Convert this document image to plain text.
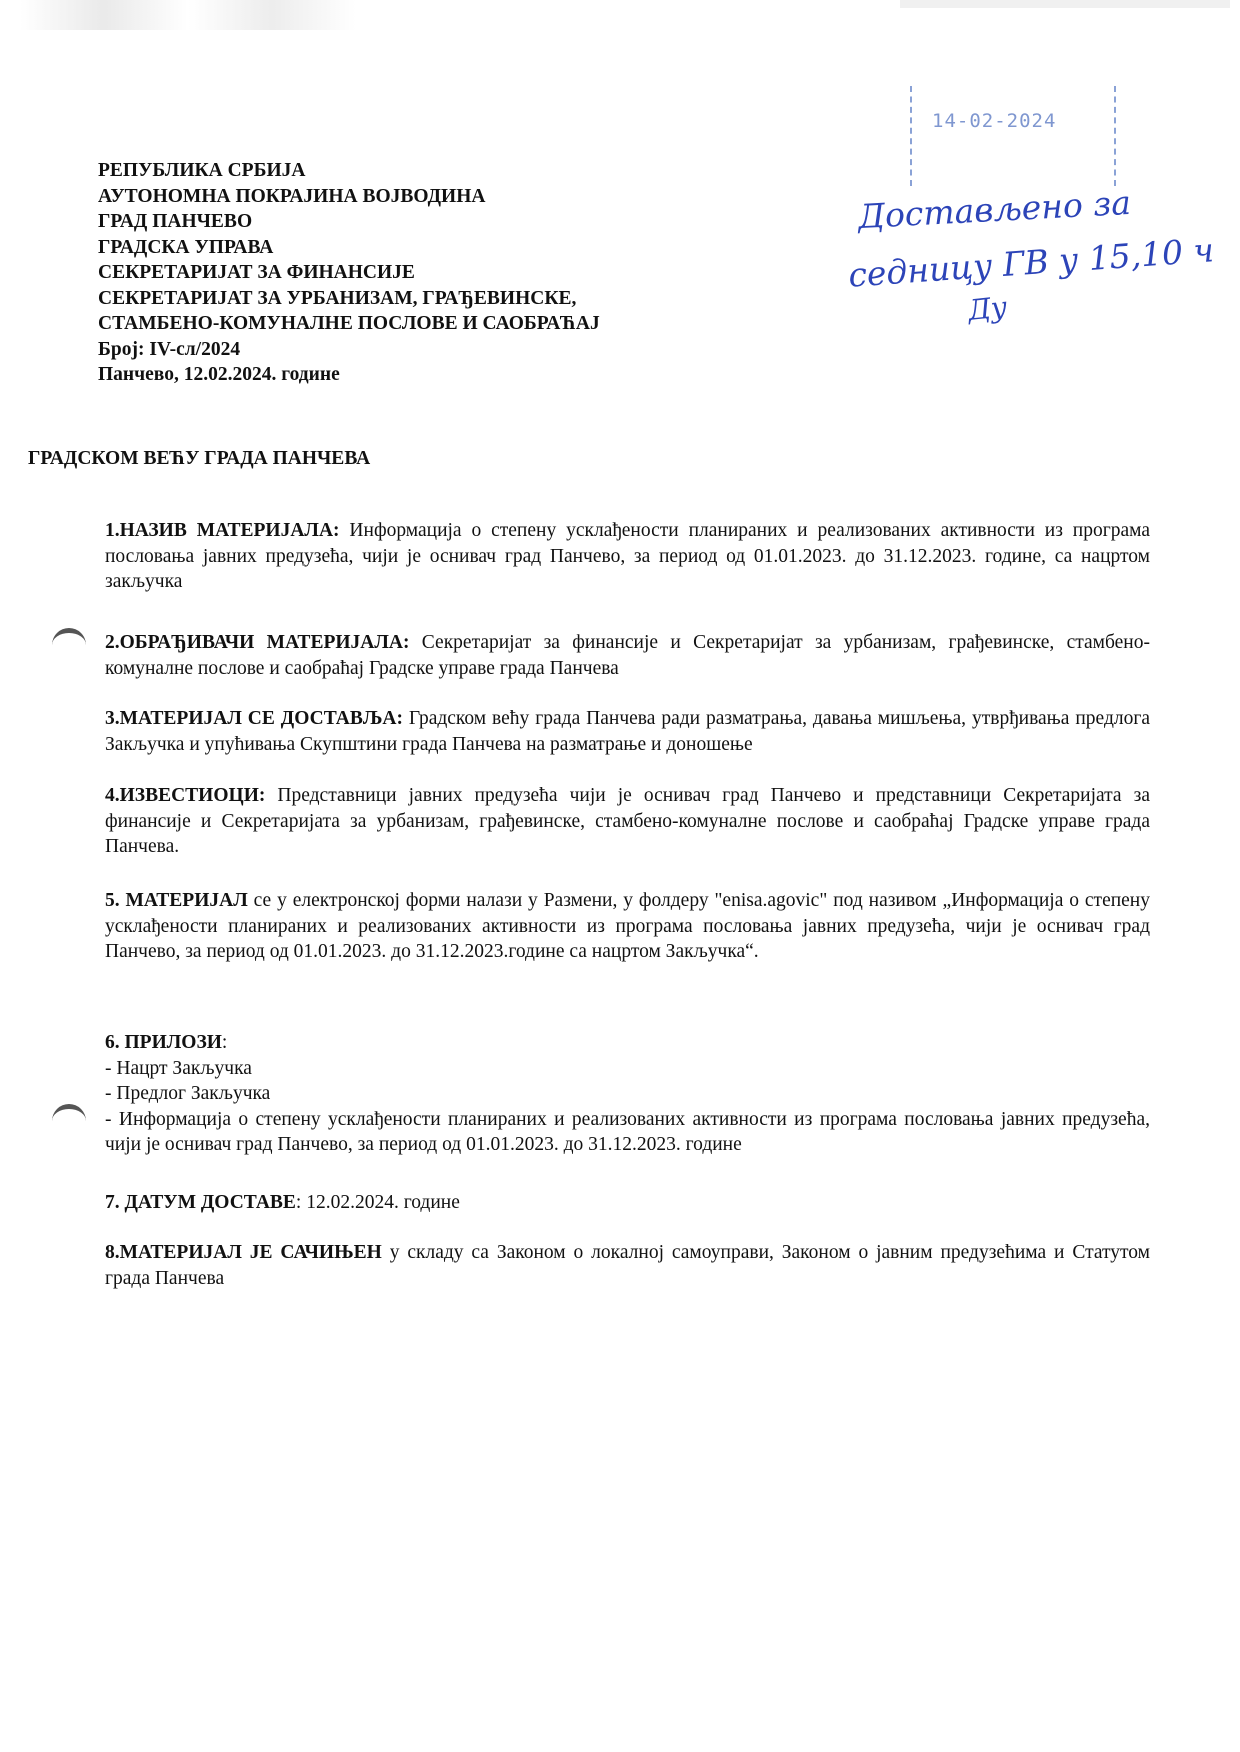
РЕПУБЛИКА СРБИЈА
АУТОНОМНА ПОКРАЈИНА ВОЈВОДИНА
ГРАД ПАНЧЕВО
ГРАДСКА УПРАВА
СЕКРЕТАРИЈАТ ЗА ФИНАНСИЈЕ
СЕКРЕТАРИЈАТ ЗА УРБАНИЗАМ, ГРАЂЕВИНСКЕ,
СТАМБЕНО-КОМУНАЛНЕ ПОСЛОВЕ И САОБРАЋАЈ
Број: IV-сл/2024
Панчево, 12.02.2024. године
14-02-2024
Достављено за
седницу ГВ у 15,10 ч
Ду
ГРАДСКОМ ВЕЋУ ГРАДА ПАНЧЕВА
1.НАЗИВ МАТЕРИЈАЛА: Информација о степену усклађености планираних и реализованих активности из програма пословања јавних предузећа, чији је оснивач град Панчево, за период од 01.01.2023. до 31.12.2023. године, са нацртом закључка
2.ОБРАЂИВАЧИ МАТЕРИЈАЛА: Секретаријат за финансије и Секретаријат за урбанизам, грађевинске, стамбено-комуналне послове и саобраћај Градске управе града Панчева
3.МАТЕРИЈАЛ СЕ ДОСТАВЉА: Градском већу града Панчева ради разматрања, давања мишљења, утврђивања предлога Закључка и упућивања Скупштини града Панчева на разматрање и доношење
4.ИЗВЕСТИОЦИ: Представници јавних предузећа чији је оснивач град Панчево и представници Секретаријата за финансије и Секретаријата за урбанизам, грађевинске, стамбено-комуналне послове и саобраћај Градске управе града Панчева.
5. МАТЕРИЈАЛ се у електронској форми налази у Размени, у фолдеру "enisa.agovic" под називом „Информација о степену усклађености планираних и реализованих активности из програма пословања јавних предузећа, чији је оснивач град Панчево, за период од 01.01.2023. до 31.12.2023.године са нацртом Закључка“.
6. ПРИЛОЗИ:
- Нацрт Закључка
- Предлог Закључка
- Информација о степену усклађености планираних и реализованих активности из програма пословања јавних предузећа, чији је оснивач град Панчево, за период од 01.01.2023. до 31.12.2023. године
7. ДАТУМ ДОСТАВЕ: 12.02.2024. године
8.МАТЕРИЈАЛ ЈЕ САЧИЊЕН у складу са Законом о локалној самоуправи, Законом о јавним предузећима и Статутом града Панчева
